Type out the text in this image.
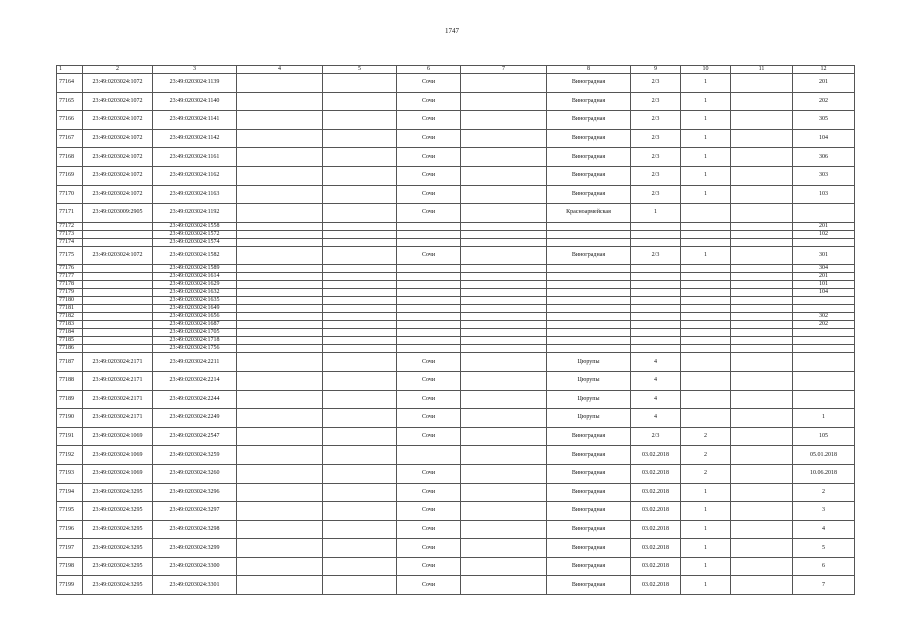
1747
1	2	3	4	5	6	7	8	9	10	11	12
77164	23:49:0203024:1072	23:49:0203024:1139			Сочи		Виноградная	2/3	1		201
77165	23:49:0203024:1072	23:49:0203024:1140			Сочи		Виноградная	2/3	1		202
77166	23:49:0203024:1072	23:49:0203024:1141			Сочи		Виноградная	2/3	1		305
77167	23:49:0203024:1072	23:49:0203024:1142			Сочи		Виноградная	2/3	1		104
77168	23:49:0203024:1072	23:49:0203024:1161			Сочи		Виноградная	2/3	1		306
77169	23:49:0203024:1072	23:49:0203024:1162			Сочи		Виноградная	2/3	1		303
77170	23:49:0203024:1072	23:49:0203024:1163			Сочи		Виноградная	2/3	1		103
77171	23:49:0203009:2905	23:49:0203024:1192			Сочи		Красноармейская	1			
77172		23:49:0203024:1558									201
77173		23:49:0203024:1572									102
77174		23:49:0203024:1574									
77175	23:49:0203024:1072	23:49:0203024:1582			Сочи		Виноградная	2/3	1		301
77176		23:49:0203024:1589									304
77177		23:49:0203024:1614									201
77178		23:49:0203024:1629									101
77179		23:49:0203024:1632									104
77180		23:49:0203024:1635									
77181		23:49:0203024:1649									
77182		23:49:0203024:1656									302
77183		23:49:0203024:1687									202
77184		23:49:0203024:1705									
77185		23:49:0203024:1718									
77186		23:49:0203024:1756									
77187	23:49:0203024:2171	23:49:0203024:2211			Сочи		Цюрупы	4			
77188	23:49:0203024:2171	23:49:0203024:2214			Сочи		Цюрупы	4			
77189	23:49:0203024:2171	23:49:0203024:2244			Сочи		Цюрупы	4			
77190	23:49:0203024:2171	23:49:0203024:2249			Сочи		Цюрупы	4			1
77191	23:49:0203024:1069	23:49:0203024:2547			Сочи		Виноградная	2/3	2		105
77192	23:49:0203024:1069	23:49:0203024:3259					Виноградная	03.02.2018	2		05.01.2018
77193	23:49:0203024:1069	23:49:0203024:3260			Сочи		Виноградная	03.02.2018	2		10.06.2018
77194	23:49:0203024:3295	23:49:0203024:3296			Сочи		Виноградная	03.02.2018	1		2
77195	23:49:0203024:3295	23:49:0203024:3297			Сочи		Виноградная	03.02.2018	1		3
77196	23:49:0203024:3295	23:49:0203024:3298			Сочи		Виноградная	03.02.2018	1		4
77197	23:49:0203024:3295	23:49:0203024:3299			Сочи		Виноградная	03.02.2018	1		5
77198	23:49:0203024:3295	23:49:0203024:3300			Сочи		Виноградная	03.02.2018	1		6
77199	23:49:0203024:3295	23:49:0203024:3301			Сочи		Виноградная	03.02.2018	1		7
